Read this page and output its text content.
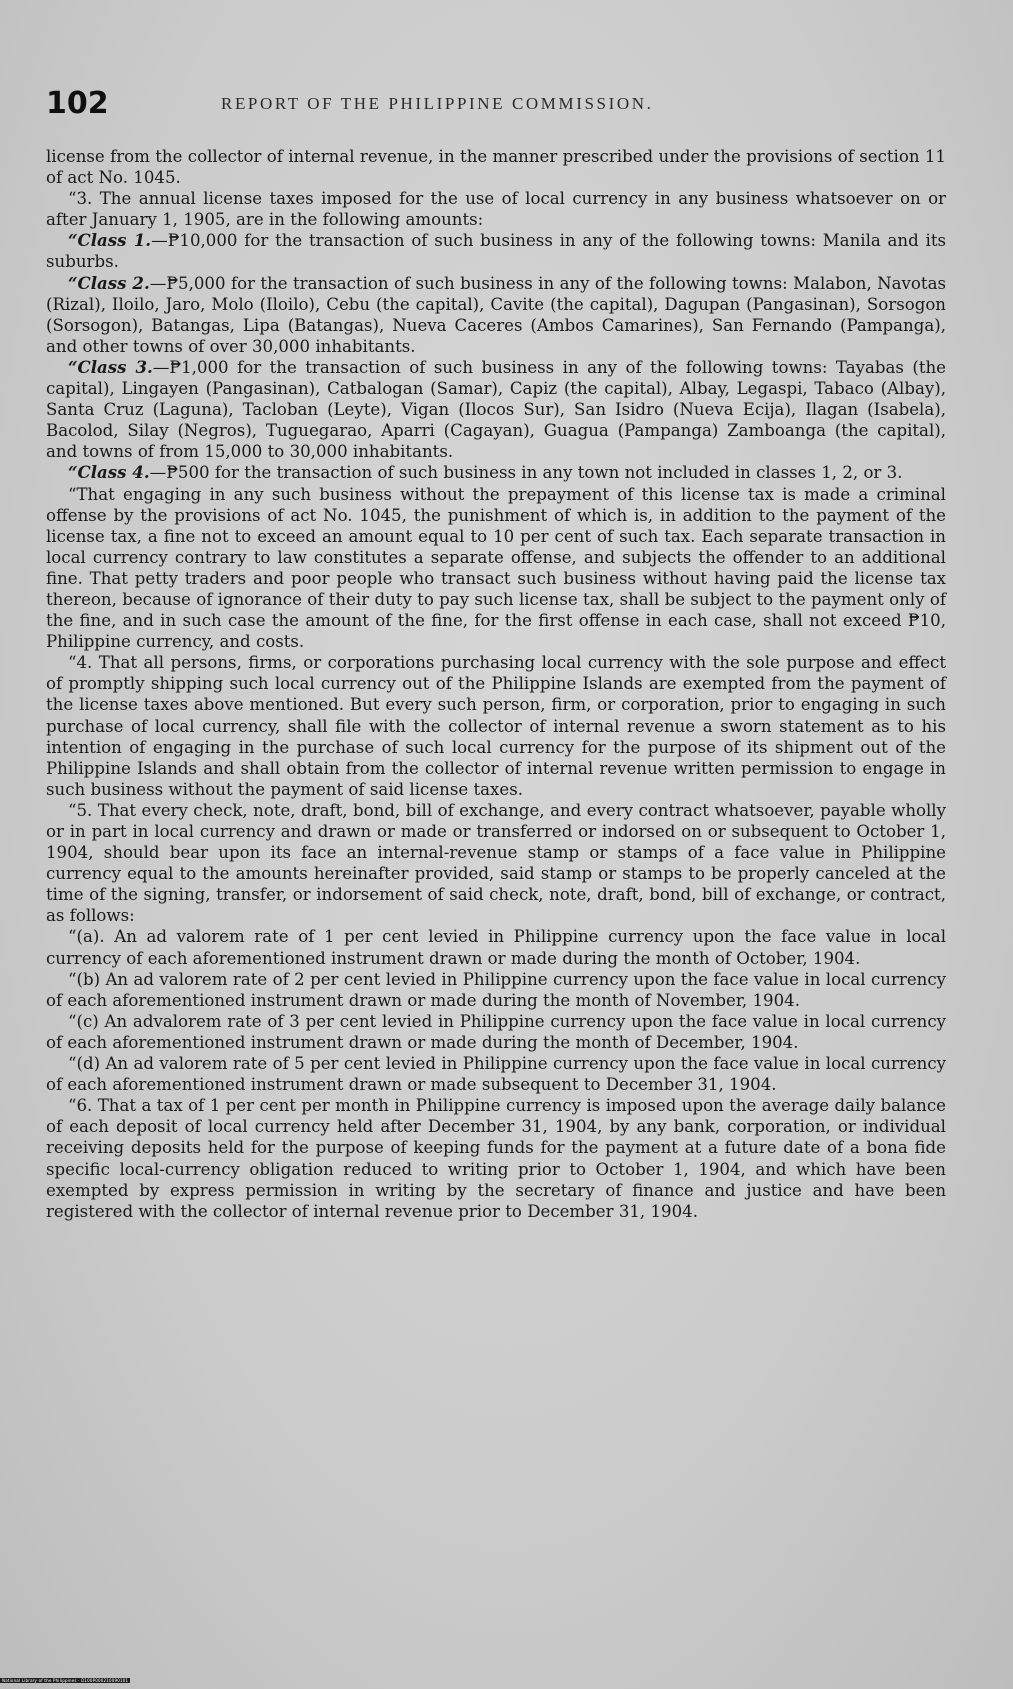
102	REPORT OF THE PHILIPPINE COMMISSION.

license from the collector of internal revenue, in the manner prescribed under the provisions of section 11 of act No. 1045.

“3. The annual license taxes imposed for the use of local currency in any business whatsoever on or after January 1, 1905, are in the following amounts:

“Class 1.—₱10,000 for the transaction of such business in any of the following towns: Manila and its suburbs.

“Class 2.—₱5,000 for the transaction of such business in any of the following towns: Malabon, Navotas (Rizal), Iloilo, Jaro, Molo (Iloilo), Cebu (the capital), Cavite (the capital), Dagupan (Pangasinan), Sorsogon (Sorsogon), Batangas, Lipa (Batangas), Nueva Caceres (Ambos Camarines), San Fernando (Pampanga), and other towns of over 30,000 inhabitants.

“Class 3.—₱1,000 for the transaction of such business in any of the following towns: Tayabas (the capital), Lingayen (Pangasinan), Catbalogan (Samar), Capiz (the capital), Albay, Legaspi, Tabaco (Albay), Santa Cruz (Laguna), Tacloban (Leyte), Vigan (Ilocos Sur), San Isidro (Nueva Ecija), Ilagan (Isabela), Bacolod, Silay (Negros), Tuguegarao, Aparri (Cagayan), Guagua (Pampanga) Zamboanga (the capital), and towns of from 15,000 to 30,000 inhabitants.

“Class 4.—₱500 for the transaction of such business in any town not included in classes 1, 2, or 3.

“That engaging in any such business without the prepayment of this license tax is made a criminal offense by the provisions of act No. 1045, the punishment of which is, in addition to the payment of the license tax, a fine not to exceed an amount equal to 10 per cent of such tax. Each separate transaction in local currency contrary to law constitutes a separate offense, and subjects the offender to an additional fine. That petty traders and poor people who transact such business without having paid the license tax thereon, because of ignorance of their duty to pay such license tax, shall be subject to the payment only of the fine, and in such case the amount of the fine, for the first offense in each case, shall not exceed ₱10, Philippine currency, and costs.

“4. That all persons, firms, or corporations purchasing local currency with the sole purpose and effect of promptly shipping such local currency out of the Philippine Islands are exempted from the payment of the license taxes above mentioned. But every such person, firm, or corporation, prior to engaging in such purchase of local currency, shall file with the collector of internal revenue a sworn statement as to his intention of engaging in the purchase of such local currency for the purpose of its shipment out of the Philippine Islands and shall obtain from the collector of internal revenue written permission to engage in such business without the payment of said license taxes.

“5. That every check, note, draft, bond, bill of exchange, and every contract whatsoever, payable wholly or in part in local currency and drawn or made or transferred or indorsed on or subsequent to October 1, 1904, should bear upon its face an internal-revenue stamp or stamps of a face value in Philippine currency equal to the amounts hereinafter provided, said stamp or stamps to be properly canceled at the time of the signing, transfer, or indorsement of said check, note, draft, bond, bill of exchange, or contract, as follows:

“(a). An ad valorem rate of 1 per cent levied in Philippine currency upon the face value in local currency of each aforementioned instrument drawn or made during the month of October, 1904.

“(b) An ad valorem rate of 2 per cent levied in Philippine currency upon the face value in local currency of each aforementioned instrument drawn or made during the month of November, 1904.

“(c) An advalorem rate of 3 per cent levied in Philippine currency upon the face value in local currency of each aforementioned instrument drawn or made during the month of December, 1904.

“(d) An ad valorem rate of 5 per cent levied in Philippine currency upon the face value in local currency of each aforementioned instrument drawn or made subsequent to December 31, 1904.

“6. That a tax of 1 per cent per month in Philippine currency is imposed upon the average daily balance of each deposit of local currency held after December 31, 1904, by any bank, corporation, or individual receiving deposits held for the purpose of keeping funds for the payment at a future date of a bona fide specific local-currency obligation reduced to writing prior to October 1, 1904, and which have been exempted by express permission in writing by the secretary of finance and justice and have been registered with the collector of internal revenue prior to December 31, 1904.

National Library of the Philippines · D100P000210090101
